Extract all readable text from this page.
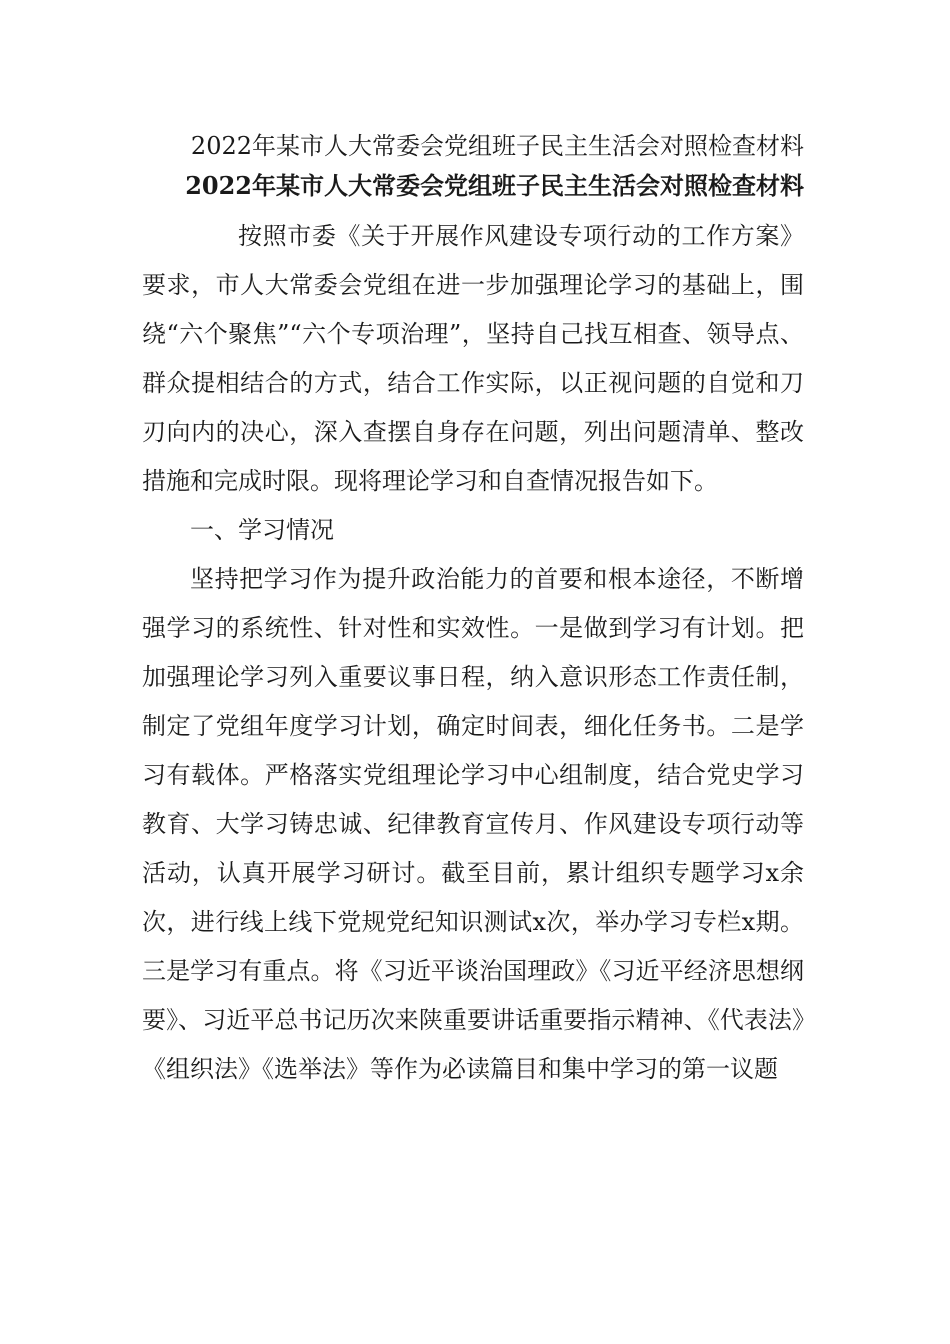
2022年某市人大常委会党组班子民主生活会对照检查材料
2022年某市人大常委会党组班子民主生活会对照检查材料

按照市委《关于开展作风建设专项行动的工作方案》要求，市人大常委会党组在进一步加强理论学习的基础上，围绕“六个聚焦”“六个专项治理”，坚持自己找互相查、领导点、群众提相结合的方式，结合工作实际，以正视问题的自觉和刀刃向内的决心，深入查摆自身存在问题，列出问题清单、整改措施和完成时限。现将理论学习和自查情况报告如下。

一、学习情况

坚持把学习作为提升政治能力的首要和根本途径，不断增强学习的系统性、针对性和实效性。一是做到学习有计划。把加强理论学习列入重要议事日程，纳入意识形态工作责任制，制定了党组年度学习计划，确定时间表，细化任务书。二是学习有载体。严格落实党组理论学习中心组制度，结合党史学习教育、大学习铸忠诚、纪律教育宣传月、作风建设专项行动等活动，认真开展学习研讨。截至目前，累计组织专题学习x余次，进行线上线下党规党纪知识测试x次，举办学习专栏x期。三是学习有重点。将《习近平谈治国理政》《习近平经济思想纲要》、习近平总书记历次来陕重要讲话重要指示精神、《代表法》《组织法》《选举法》等作为必读篇目和集中学习的第一议题
